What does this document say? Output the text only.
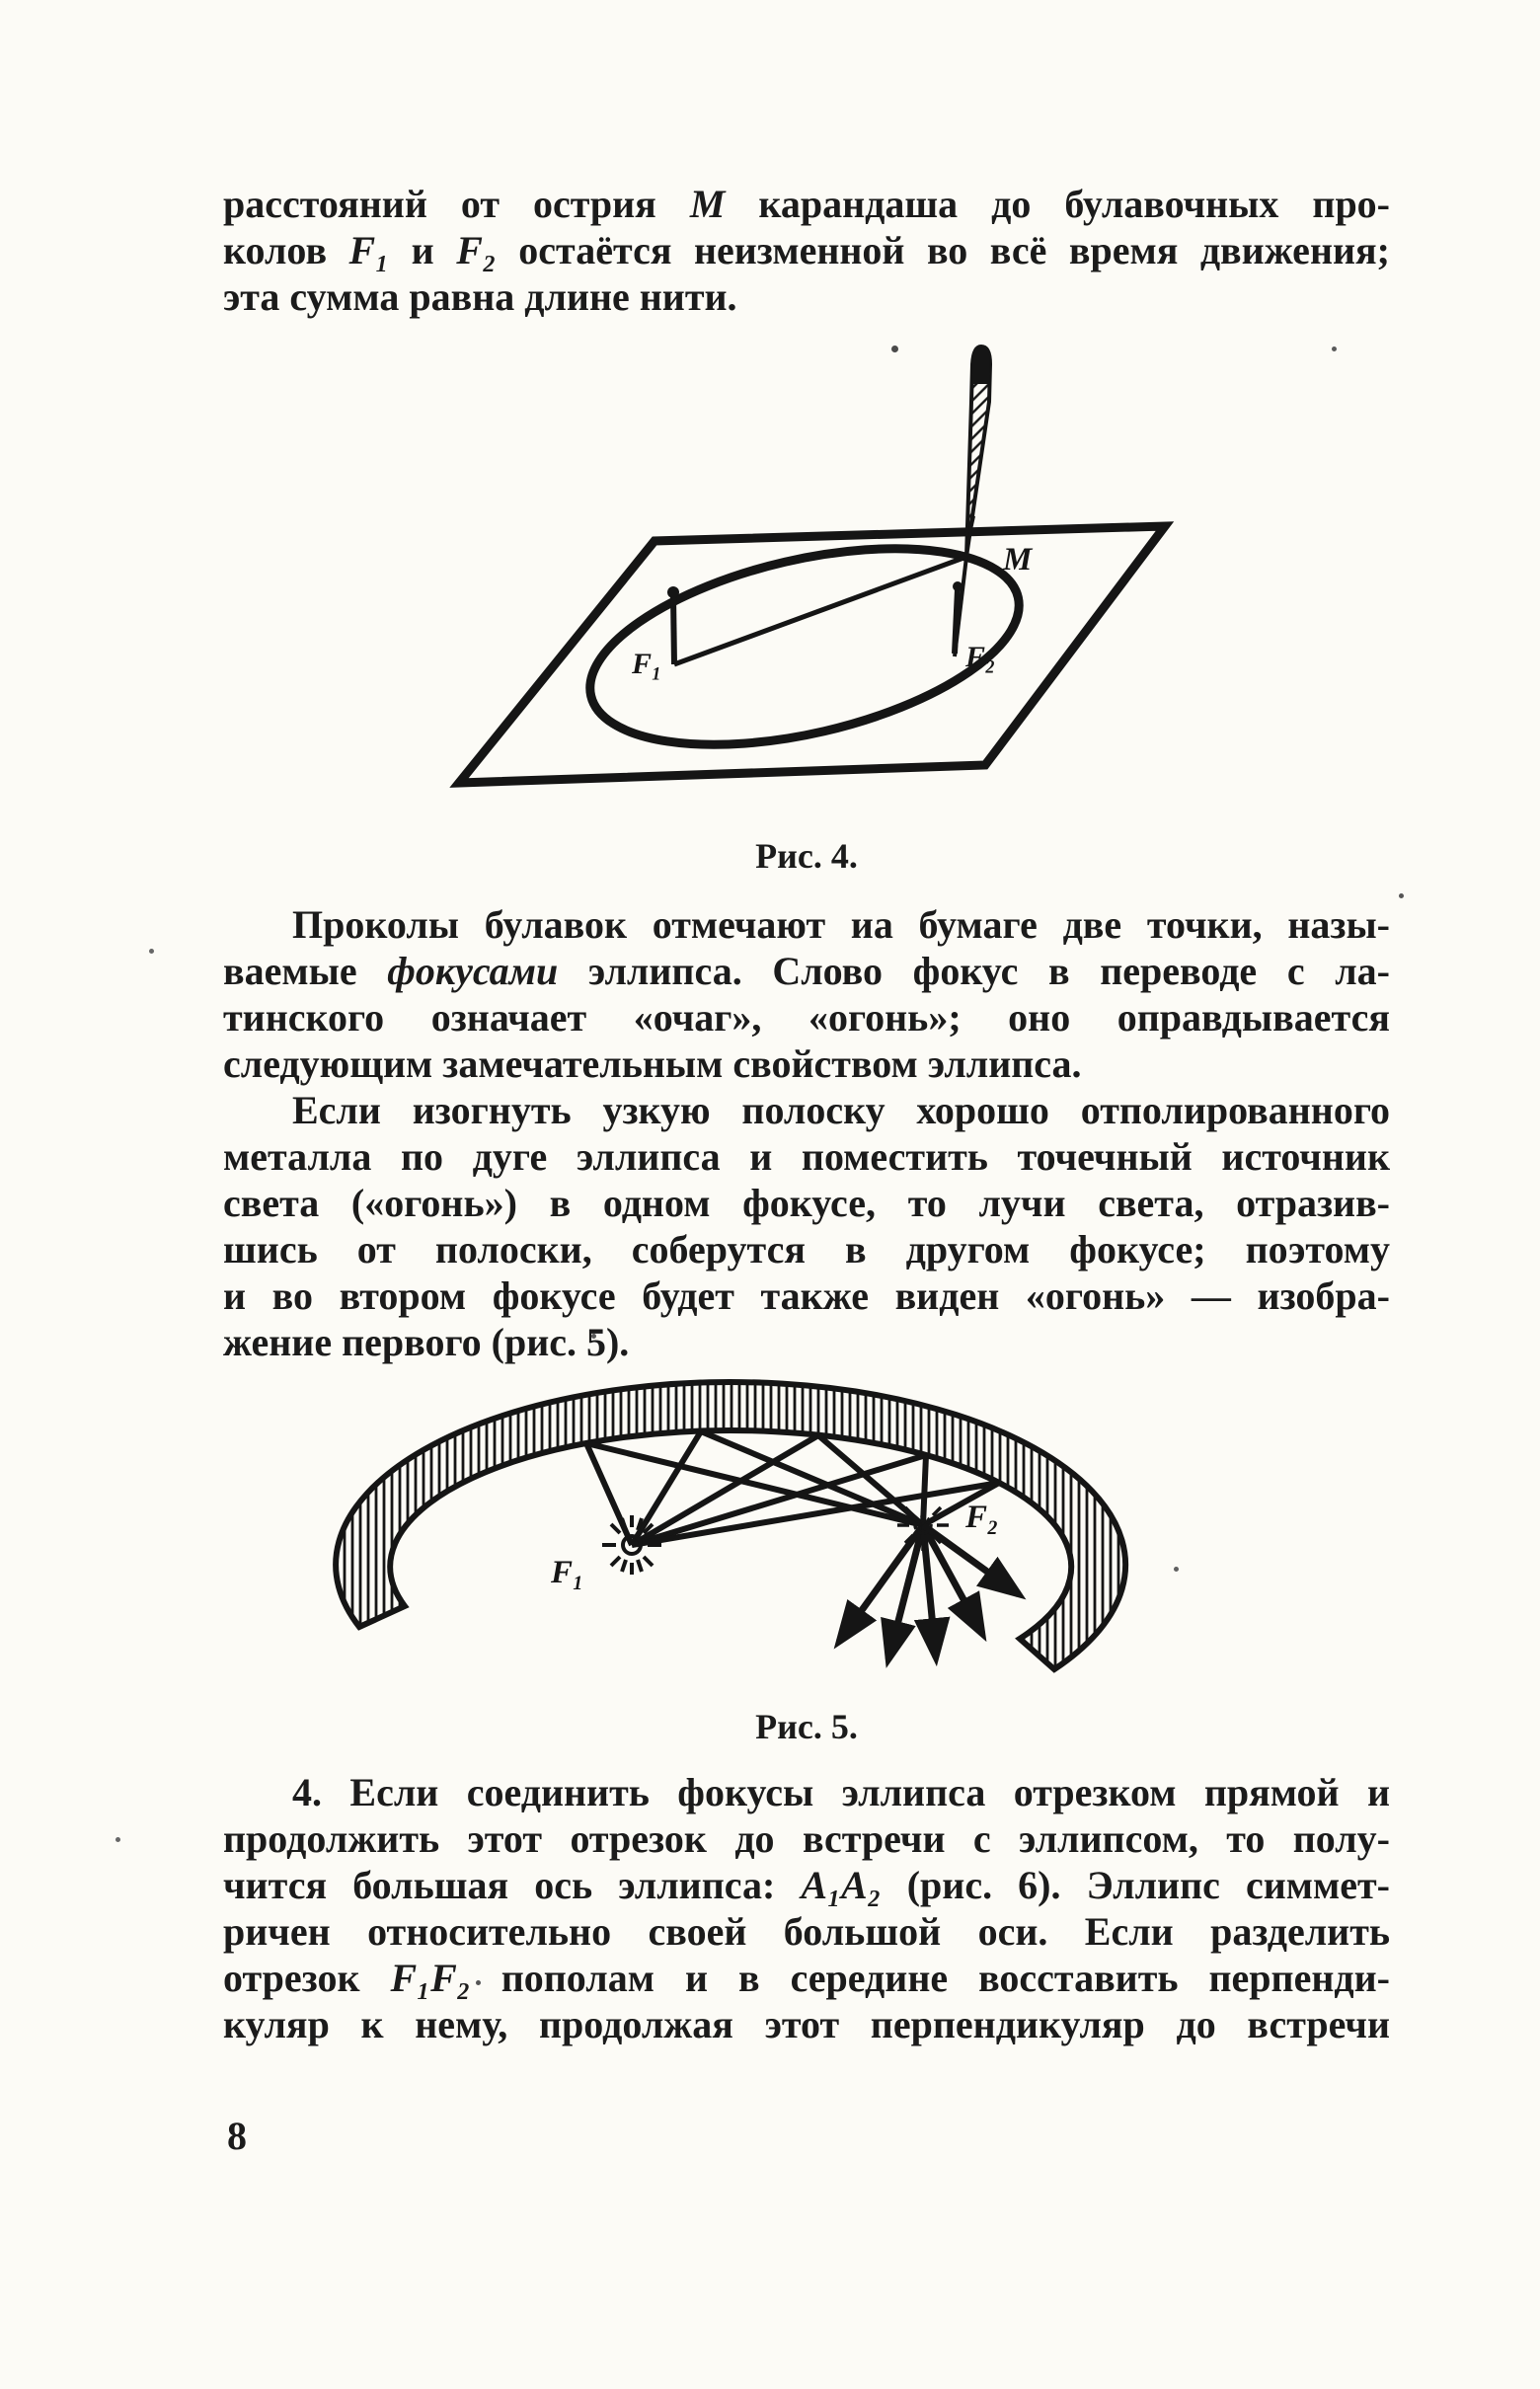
расстояний от острия М карандаша до булавочных про-
колов F₁ и F₂ остаётся неизменной во всё время движения;
эта сумма равна длине нити.
М
F₁	F₂
Рис. 4.
Проколы булавок отмечают иа бумаге две точки, назы-
ваемые фокусами эллипса. Слово фокус в переводе с ла-
тинского означает «очаг», «огонь»; оно оправдывается
следующим замечательным свойством эллипса.
Если изогнуть узкую полоску хорошо отполированного
металла по дуге эллипса и поместить точечный источник
света («огонь») в одном фокусе, то лучи света, отразив-
шись от полоски, соберутся в другом фокусе; поэтому
и во втором фокусе будет также виден «огонь» — изобра-
жение первого (рис. 5).
F₁
F₂
Рис. 5.
4. Если соединить фокусы эллипса отрезком прямой и
продолжить этот отрезок до встречи с эллипсом, то полу-
чится большая ось эллипса: A₁A₂ (рис. 6). Эллипс симмет-
ричен относительно своей большой оси. Если разделить
отрезок F₁F₂ пополам и в середине восставить перпенди-
куляр к нему, продолжая этот перпендикуляр до встречи
8
